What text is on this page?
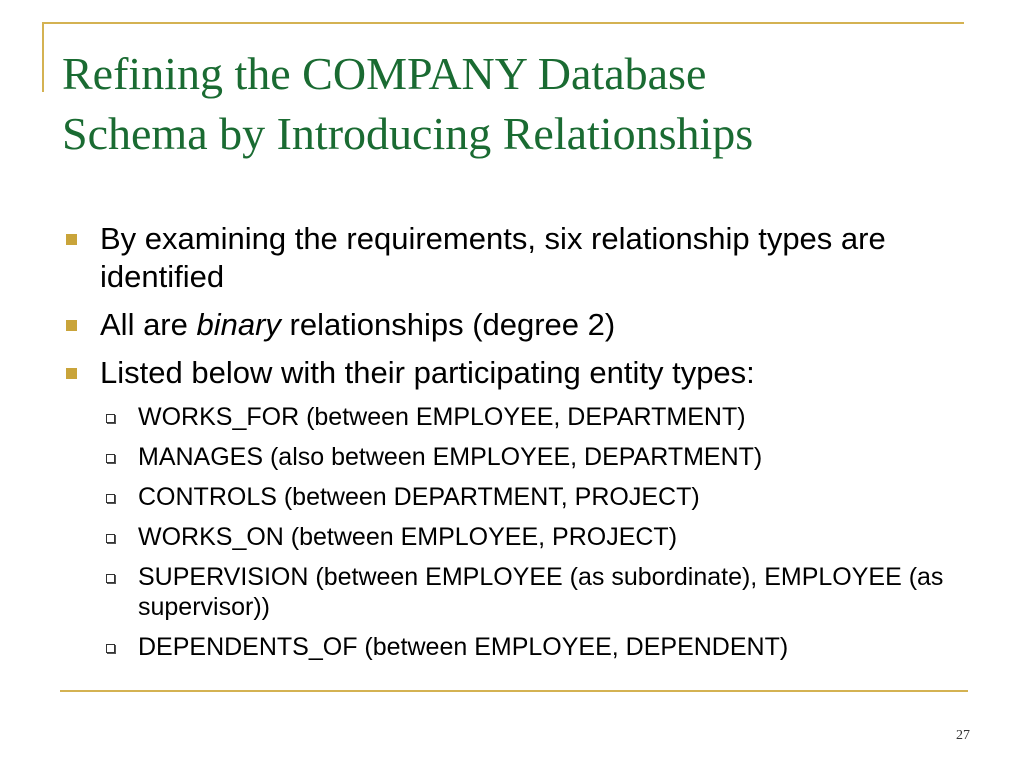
Refining the COMPANY Database
Schema by Introducing Relationships
By examining the requirements, six relationship types are identified
All are binary relationships (degree 2)
Listed below with their participating entity types:
WORKS_FOR (between EMPLOYEE, DEPARTMENT)
MANAGES (also between EMPLOYEE, DEPARTMENT)
CONTROLS (between DEPARTMENT, PROJECT)
WORKS_ON (between EMPLOYEE, PROJECT)
SUPERVISION (between EMPLOYEE (as subordinate), EMPLOYEE (as supervisor))
DEPENDENTS_OF (between EMPLOYEE, DEPENDENT)
27
